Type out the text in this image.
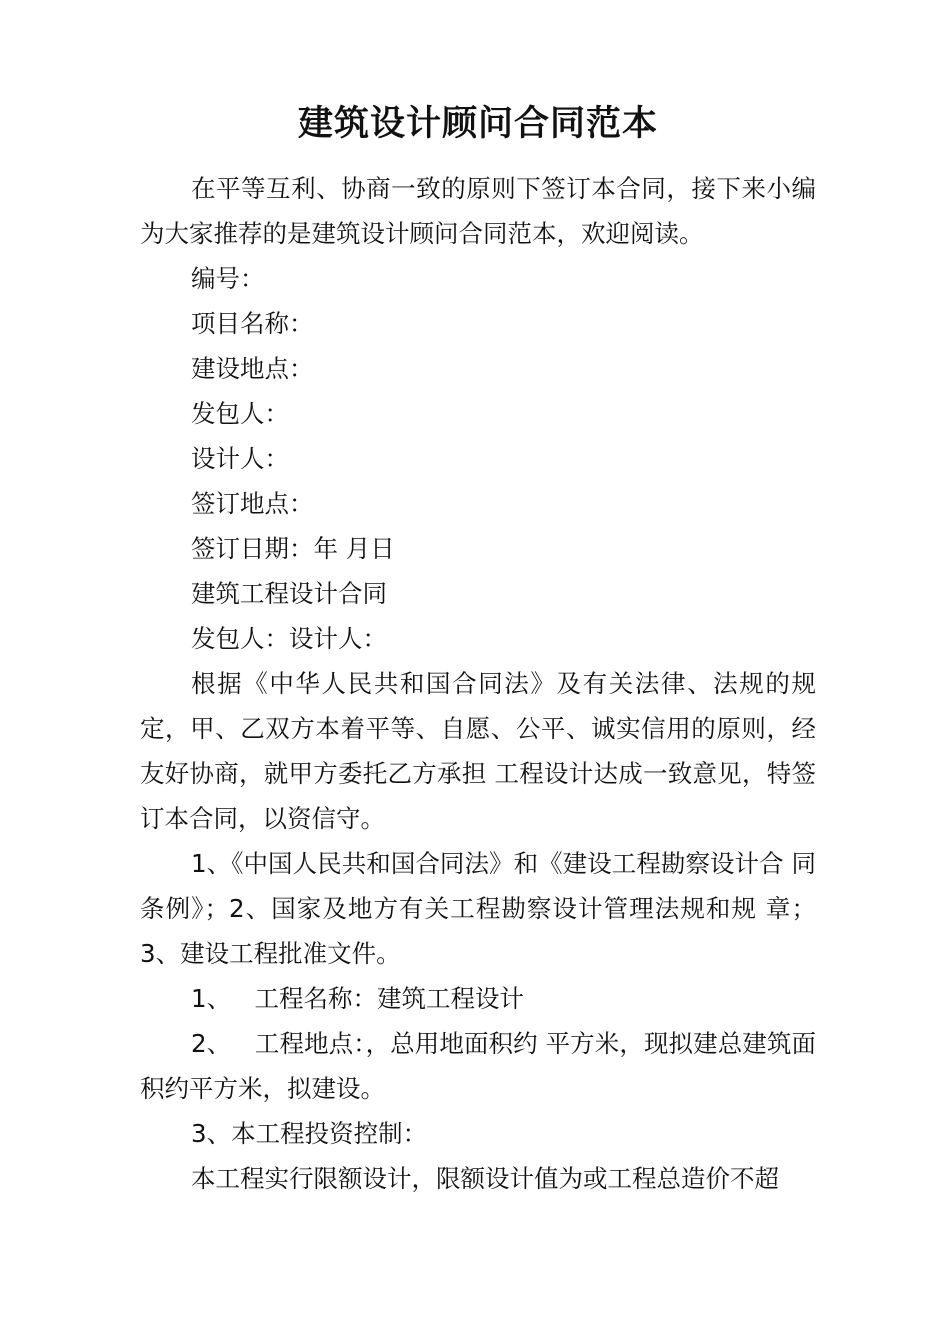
建筑设计顾问合同范本

在平等互利、协商一致的原则下签订本合同，接下来小编为大家推荐的是建筑设计顾问合同范本，欢迎阅读。

编号：

项目名称：

建设地点：

发包人：

设计人：

签订地点：

签订日期：年 月日

建筑工程设计合同

发包人：设计人：

根据《中华人民共和国合同法》及有关法律、法规的规定，甲、乙双方本着平等、自愿、公平、诚实信用的原则，经友好协商，就甲方委托乙方承担 工程设计达成一致意见，特签订本合同，以资信守。

1、《中国人民共和国合同法》和《建设工程勘察设计合 同条例》；2、国家及地方有关工程勘察设计管理法规和规 章；3、建设工程批准文件。

1、   工程名称：建筑工程设计

2、   工程地点：，总用地面积约 平方米，现拟建总建筑面积约平方米，拟建设。

3、本工程投资控制：

本工程实行限额设计，限额设计值为或工程总造价不超
